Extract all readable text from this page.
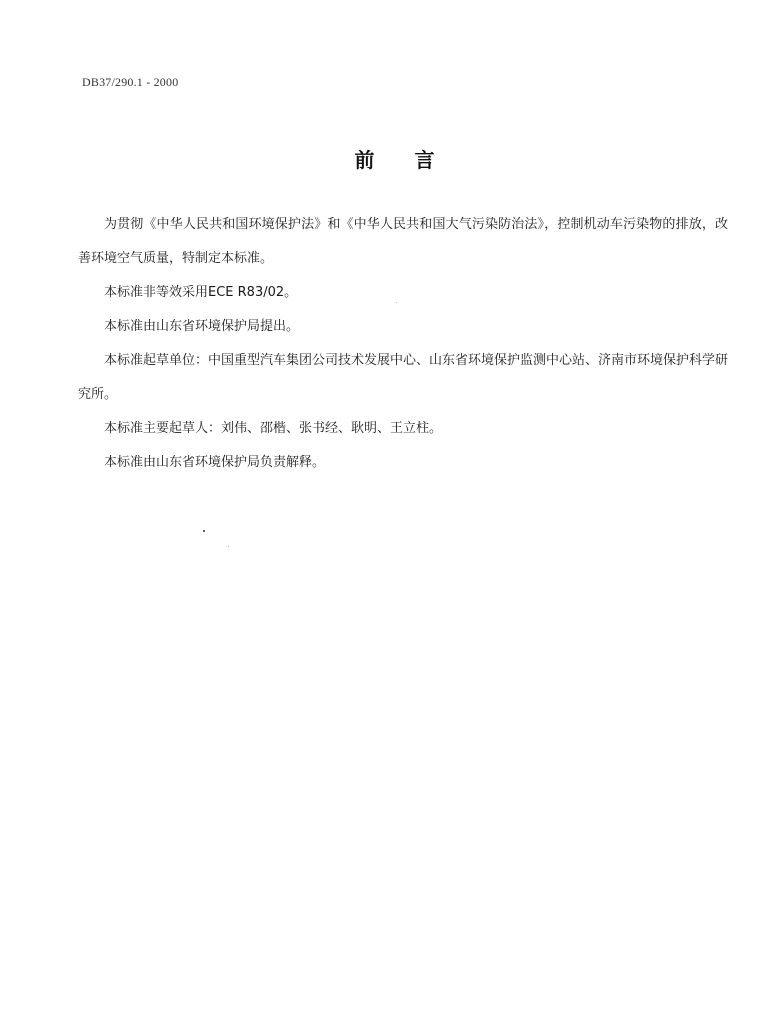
DB37/290.1 - 2000
前言

为贯彻《中华人民共和国环境保护法》和《中华人民共和国大气污染防治法》，控制机动车污染物的排放，改善环境空气质量，特制定本标准。

本标准非等效采用ECE R83/02。

本标准由山东省环境保护局提出。

本标准起草单位：中国重型汽车集团公司技术发展中心、山东省环境保护监测中心站、济南市环境保护科学研究所。

本标准主要起草人：刘伟、邵楷、张书经、耿明、王立柱。

本标准由山东省环境保护局负责解释。
